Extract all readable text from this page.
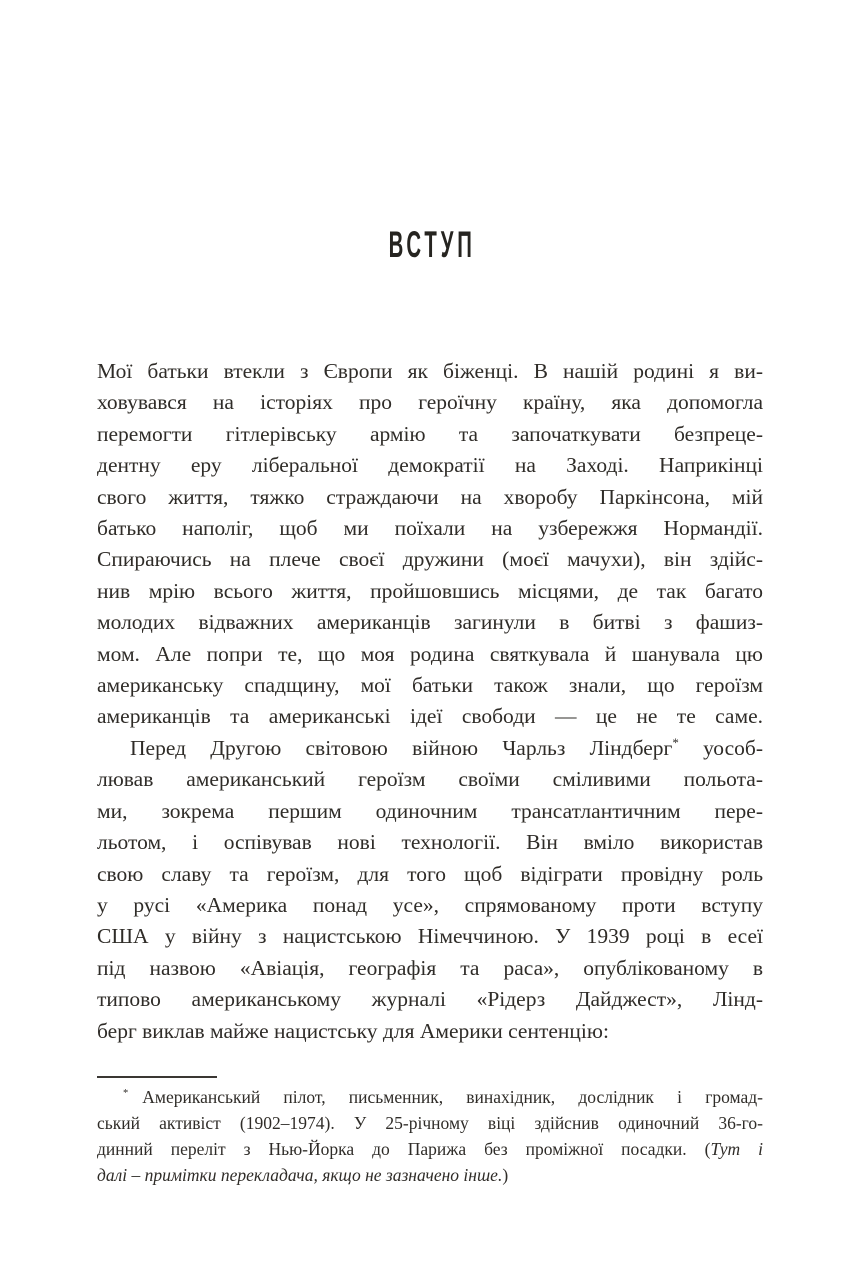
ВСТУП
Мої батьки втекли з Європи як біженці. В нашій родині я ви-
ховувався на історіях про героїчну країну, яка допомогла
перемогти гітлерівську армію та започаткувати безпреце-
дентну еру ліберальної демократії на Заході. Наприкінці
свого життя, тяжко страждаючи на хворобу Паркінсона, мій
батько наполіг, щоб ми поїхали на узбережжя Нормандії.
Спираючись на плече своєї дружини (моєї мачухи), він здійс-
нив мрію всього життя, пройшовшись місцями, де так багато
молодих відважних американців загинули в битві з фашиз-
мом. Але попри те, що моя родина святкувала й шанувала цю
американську спадщину, мої батьки також знали, що героїзм
американців та американські ідеї свободи — це не те саме.
Перед Другою світовою війною Чарльз Ліндберг* уособ-
лював американський героїзм своїми сміливими польота-
ми, зокрема першим одиночним трансатлантичним пере-
льотом, і оспівував нові технології. Він вміло використав
свою славу та героїзм, для того щоб відіграти провідну роль
у русі «Америка понад усе», спрямованому проти вступу
США у війну з нацистською Німеччиною. У 1939 році в есеї
під назвою «Авіація, географія та раса», опублікованому в
типово американському журналі «Рідерз Дайджест», Лінд-
берг виклав майже нацистську для Америки сентенцію:
* Американський пілот, письменник, винахідник, дослідник і громад-
ський активіст (1902–1974). У 25-річному віці здійснив одиночний 36-го-
динний переліт з Нью-Йорка до Парижа без проміжної посадки. (Тут і
далі – примітки перекладача, якщо не зазначено інше.)
